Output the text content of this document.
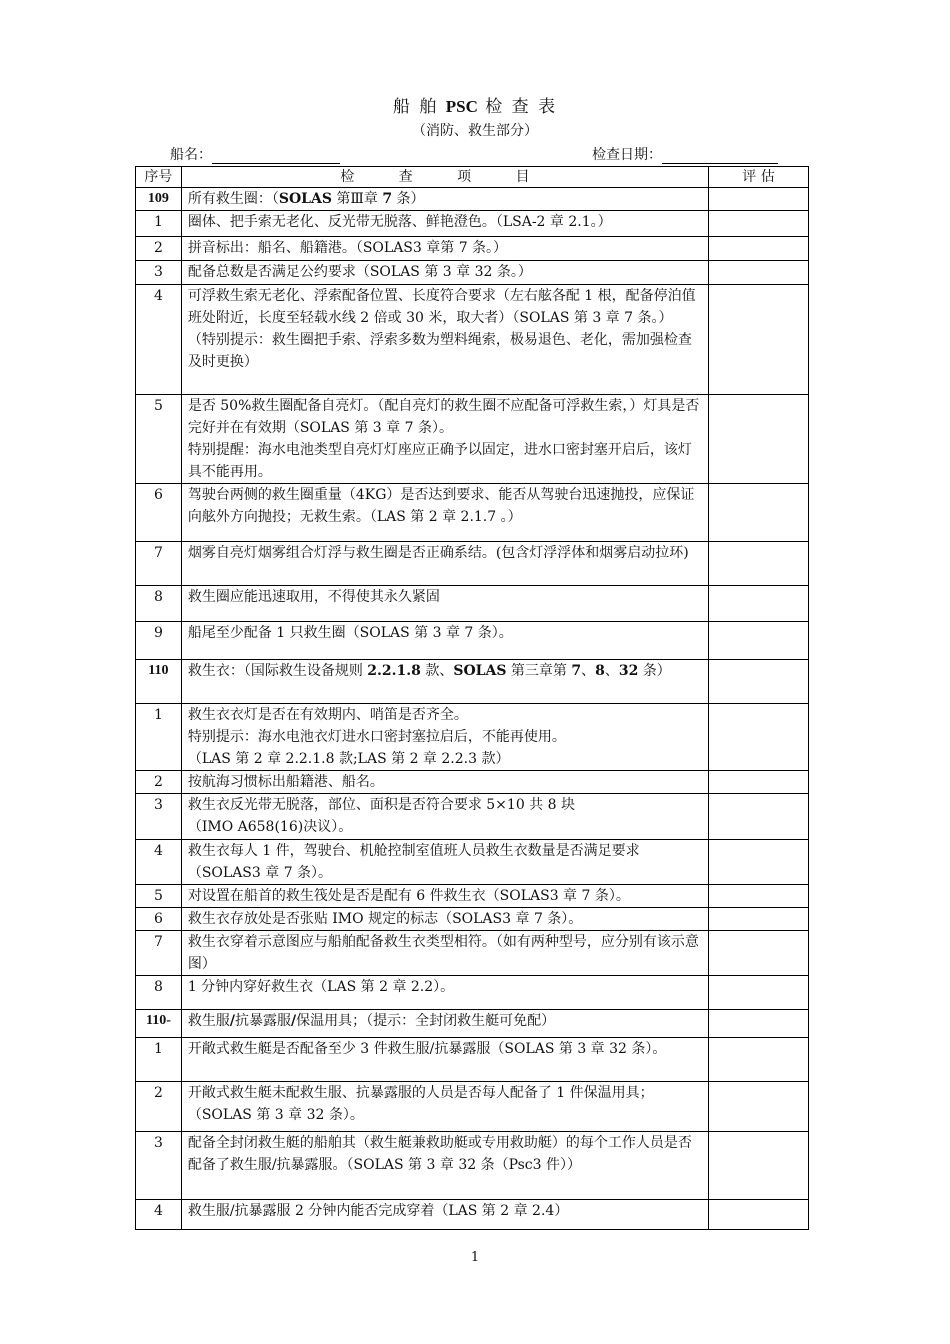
船 舶 PSC 检 查 表
（消防、救生部分）
船名：	检查日期：
序号	检 查 项 目	评 估
109	所有救生圈：（SOLAS 第Ⅲ章 7 条）	
1	圈体、把手索无老化、反光带无脱落、鲜艳澄色。（LSA-2 章 2.1。）	

2	拼音标出：船名、船籍港。（SOLAS3 章第 7 条。）	

3	配备总数是否满足公约要求（SOLAS 第 3 章 32 条。）	

4	可浮救生索无老化、浮索配备位置、长度符合要求（左右舷各配 1 根，配备停泊值班处附近，长度至轻载水线 2 倍或 30 米，取大者）（SOLAS 第 3 章 7 条。）
（特别提示：救生圈把手索、浮索多数为塑料绳索，极易退色、老化，需加强检查及时更换）	

5	是否 50%救生圈配备自亮灯。（配自亮灯的救生圈不应配备可浮救生索，）灯具是否完好并在有效期（SOLAS 第 3 章 7 条）。
特别提醒：海水电池类型自亮灯灯座应正确予以固定，进水口密封塞开启后，该灯具不能再用。	

6	驾驶台两侧的救生圈重量（4KG）是否达到要求、能否从驾驶台迅速抛投，应保证向舷外方向抛投；无救生索。（LAS 第 2 章 2.1.7 。）	

7	烟雾自亮灯烟雾组合灯浮与救生圈是否正确系结。(包含灯浮浮体和烟雾启动拉环)	

8	救生圈应能迅速取用，不得使其永久紧固	

9	船尾至少配备 1 只救生圈（SOLAS 第 3 章 7 条）。	

110	救生衣：（国际救生设备规则 2.2.1.8 款、SOLAS 第三章第 7、8、32 条）	
1	救生衣衣灯是否在有效期内、哨笛是否齐全。
特别提示：海水电池衣灯进水口密封塞拉启后，不能再使用。
（LAS 第 2 章 2.2.1.8 款;LAS 第 2 章 2.2.3 款）	

2	按航海习惯标出船籍港、船名。	

3	救生衣反光带无脱落，部位、面积是否符合要求 5×10 共 8 块
（IMO A658(16)决议）。	

4	救生衣每人 1 件，驾驶台、机舱控制室值班人员救生衣数量是否满足要求（SOLAS3 章 7 条）。	

5	对设置在船首的救生筏处是否是配有 6 件救生衣（SOLAS3 章 7 条）。	

6	救生衣存放处是否张贴 IMO 规定的标志（SOLAS3 章 7 条）。	

7	救生衣穿着示意图应与船舶配备救生衣类型相符。（如有两种型号，应分别有该示意图）	

8	1 分钟内穿好救生衣（LAS 第 2 章 2.2）。	

110-	救生服/抗暴露服/保温用具；（提示：全封闭救生艇可免配）	
1	开敞式救生艇是否配备至少 3 件救生服/抗暴露服（SOLAS 第 3 章 32 条）。	

2	开敞式救生艇未配救生服、抗暴露服的人员是否每人配备了 1 件保温用具；（SOLAS 第 3 章 32 条）。	

3	配备全封闭救生艇的船舶其（救生艇兼救助艇或专用救助艇）的每个工作人员是否配备了救生服/抗暴露服。（SOLAS 第 3 章 32 条（Psc3 件））	

4	救生服/抗暴露服 2 分钟内能否完成穿着（LAS 第 2 章 2.4）	

1
